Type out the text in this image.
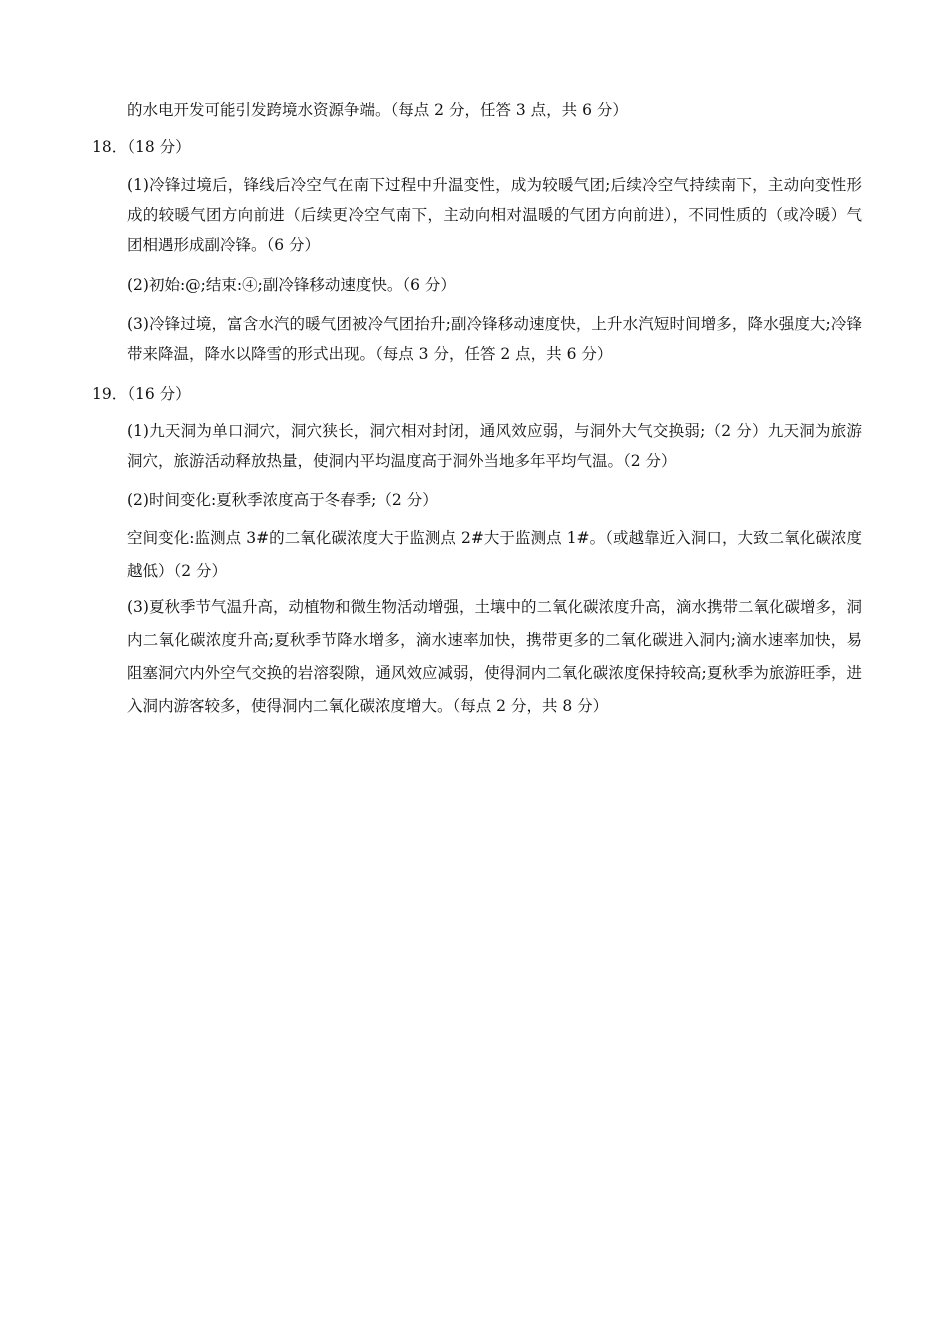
的水电开发可能引发跨境水资源争端。（每点 2 分，任答 3 点，共 6 分）
18．（18 分）
(1)冷锋过境后，锋线后冷空气在南下过程中升温变性，成为较暖气团;后续冷空气持续南下，主动向变性形成的较暖气团方向前进（后续更冷空气南下，主动向相对温暖的气团方向前进），不同性质的（或冷暖）气团相遇形成副冷锋。（6 分）
(2)初始:@;结束:④;副冷锋移动速度快。（6 分）
(3)冷锋过境，富含水汽的暖气团被冷气团抬升;副冷锋移动速度快，上升水汽短时间增多，降水强度大;冷锋带来降温，降水以降雪的形式出现。（每点 3 分，任答 2 点，共 6 分）
19．（16 分）
(1)九天洞为单口洞穴，洞穴狭长，洞穴相对封闭，通风效应弱，与洞外大气交换弱;（2 分）九天洞为旅游洞穴，旅游活动释放热量，使洞内平均温度高于洞外当地多年平均气温。（2 分）
(2)时间变化:夏秋季浓度高于冬春季;（2 分）
空间变化:监测点 3#的二氧化碳浓度大于监测点 2#大于监测点 1#。（或越靠近入洞口，大致二氧化碳浓度越低）（2 分）
(3)夏秋季节气温升高，动植物和微生物活动增强，土壤中的二氧化碳浓度升高，滴水携带二氧化碳增多，洞内二氧化碳浓度升高;夏秋季节降水增多，滴水速率加快，携带更多的二氧化碳进入洞内;滴水速率加快，易阻塞洞穴内外空气交换的岩溶裂隙，通风效应减弱，使得洞内二氧化碳浓度保持较高;夏秋季为旅游旺季，进入洞内游客较多，使得洞内二氧化碳浓度增大。（每点 2 分，共 8 分）
